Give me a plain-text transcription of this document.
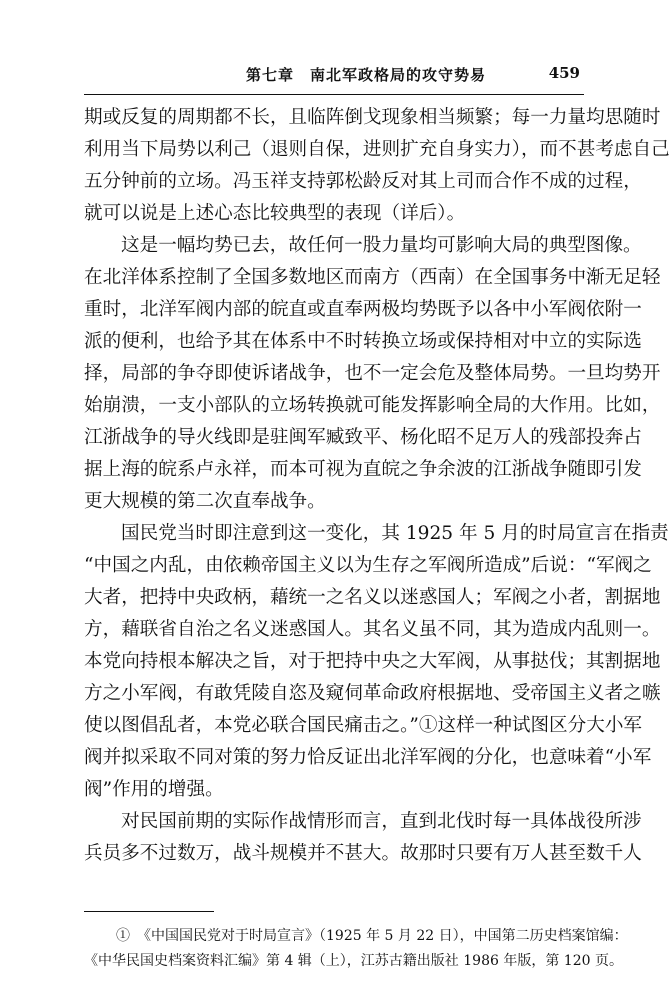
第七章　南北军政格局的攻守势易	459
期或反复的周期都不长，且临阵倒戈现象相当频繁；每一力量均思随时
利用当下局势以利己（退则自保，进则扩充自身实力），而不甚考虑自己
五分钟前的立场。冯玉祥支持郭松龄反对其上司而合作不成的过程，
就可以说是上述心态比较典型的表现（详后）。
这是一幅均势已去，故任何一股力量均可影响大局的典型图像。
在北洋体系控制了全国多数地区而南方（西南）在全国事务中渐无足轻
重时，北洋军阀内部的皖直或直奉两极均势既予以各中小军阀依附一
派的便利，也给予其在体系中不时转换立场或保持相对中立的实际选
择，局部的争夺即使诉诸战争，也不一定会危及整体局势。一旦均势开
始崩溃，一支小部队的立场转换就可能发挥影响全局的大作用。比如，
江浙战争的导火线即是驻闽军臧致平、杨化昭不足万人的残部投奔占
据上海的皖系卢永祥，而本可视为直皖之争余波的江浙战争随即引发
更大规模的第二次直奉战争。
国民党当时即注意到这一变化，其 1925 年 5 月的时局宣言在指责
“中国之内乱，由依赖帝国主义以为生存之军阀所造成”后说：“军阀之
大者，把持中央政柄，藉统一之名义以迷惑国人；军阀之小者，割据地
方，藉联省自治之名义迷惑国人。其名义虽不同，其为造成内乱则一。
本党向持根本解决之旨，对于把持中央之大军阀，从事挞伐；其割据地
方之小军阀，有敢凭陵自恣及窥伺革命政府根据地、受帝国主义者之嗾
使以图倡乱者，本党必联合国民痛击之。”①这样一种试图区分大小军
阀并拟采取不同对策的努力恰反证出北洋军阀的分化，也意味着“小军
阀”作用的增强。
对民国前期的实际作战情形而言，直到北伐时每一具体战役所涉
兵员多不过数万，战斗规模并不甚大。故那时只要有万人甚至数千人
①　《中国国民党对于时局宣言》（1925 年 5 月 22 日），中国第二历史档案馆编：
《中华民国史档案资料汇编》第 4 辑（上），江苏古籍出版社 1986 年版，第 120 页。
